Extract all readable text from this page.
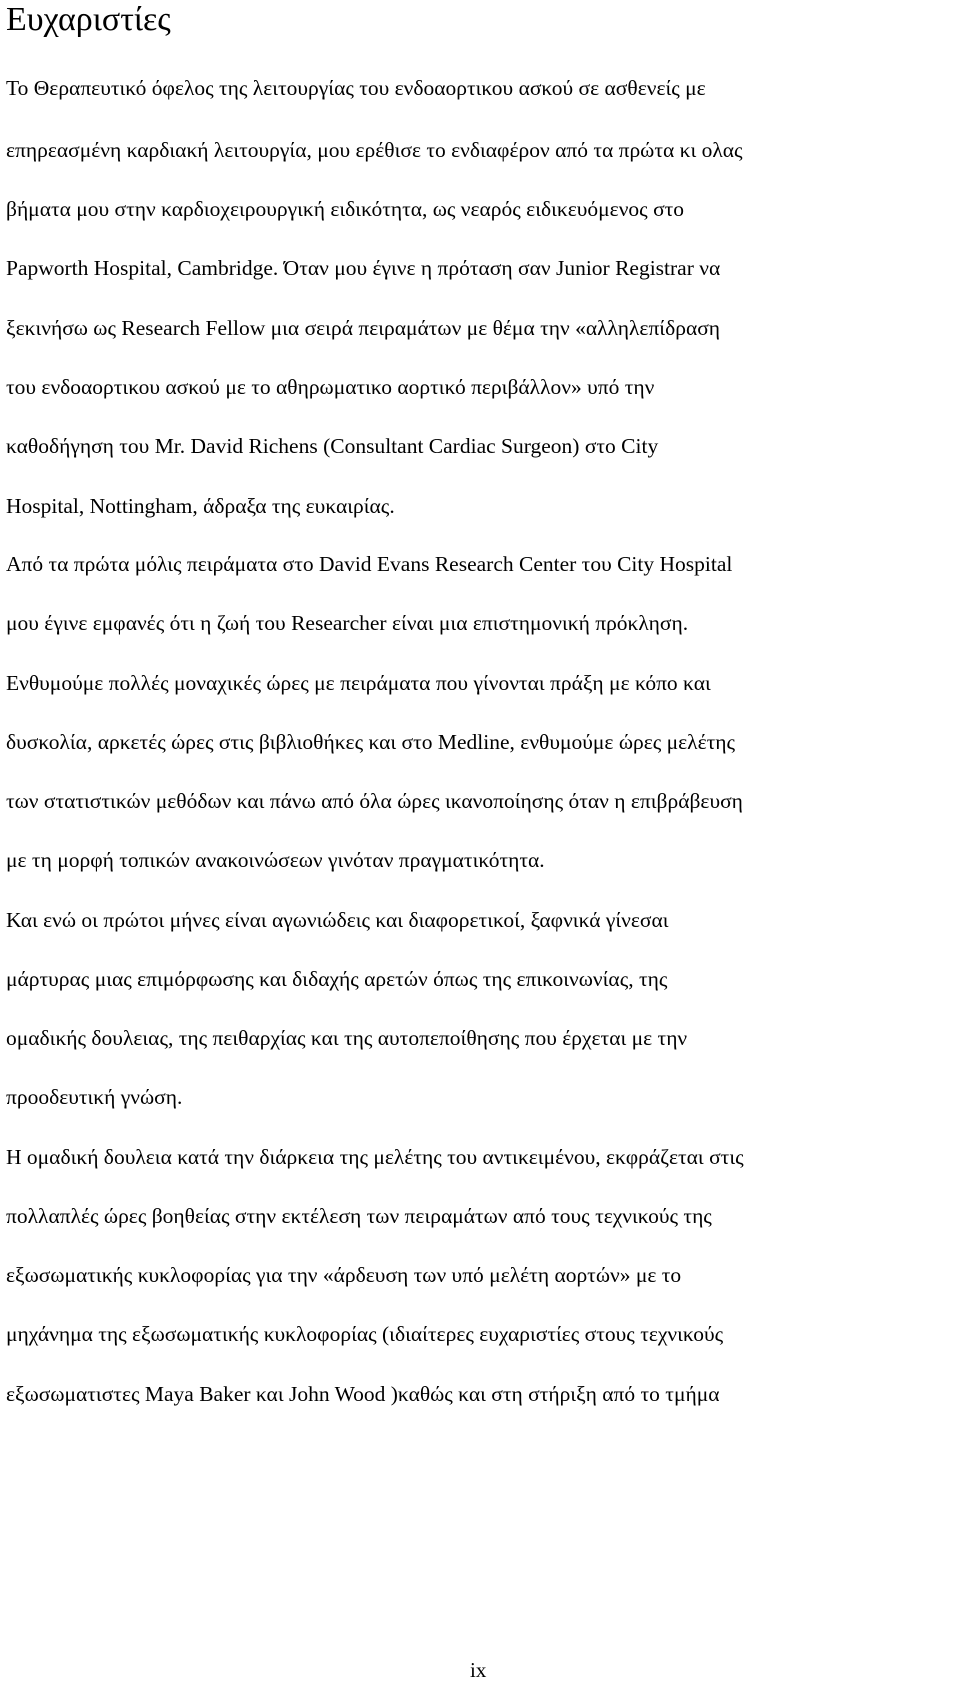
Ευχαριστίες
Το Θεραπευτικό όφελος της λειτουργίας του ενδοαορτικου ασκού σε ασθενείς με
επηρεασμένη καρδιακή λειτουργία, μου ερέθισε το ενδιαφέρον από τα πρώτα κι ολας
βήματα μου στην καρδιοχειρουργική ειδικότητα, ως νεαρός ειδικευόμενος στο
Papworth Hospital, Cambridge. Όταν μου έγινε η πρόταση σαν Junior Registrar να
ξεκινήσω ως Research Fellow μια σειρά πειραμάτων με θέμα την «αλληλεπίδραση
του ενδοαορτικου ασκού με το αθηρωματικο αορτικό περιβάλλον» υπό την
καθοδήγηση του Mr. David Richens (Consultant Cardiac Surgeon) στο City
Hospital, Nottingham, άδραξα της ευκαιρίας.
Από τα πρώτα μόλις πειράματα στο David Evans Research Center του City Hospital
μου έγινε εμφανές ότι η ζωή του Researcher είναι μια επιστημονική πρόκληση.
Ενθυμούμε πολλές μοναχικές ώρες με πειράματα που γίνονται πράξη με κόπο και
δυσκολία, αρκετές ώρες στις βιβλιοθήκες και στο Medline, ενθυμούμε ώρες μελέτης
των στατιστικών μεθόδων και πάνω από όλα ώρες ικανοποίησης όταν η επιβράβευση
με τη μορφή τοπικών ανακοινώσεων γινόταν πραγματικότητα.
Και ενώ οι πρώτοι μήνες είναι αγωνιώδεις και διαφορετικοί, ξαφνικά γίνεσαι
μάρτυρας μιας επιμόρφωσης και διδαχής αρετών όπως της επικοινωνίας, της
ομαδικής δουλειας, της πειθαρχίας και της αυτοπεποίθησης που έρχεται με την
προοδευτική γνώση.
Η ομαδική δουλεια κατά την διάρκεια της μελέτης του αντικειμένου, εκφράζεται στις
πολλαπλές ώρες βοηθείας στην εκτέλεση των πειραμάτων από τους τεχνικούς της
εξωσωματικής κυκλοφορίας για την «άρδευση των υπό μελέτη αορτών» με το
μηχάνημα της εξωσωματικής κυκλοφορίας (ιδιαίτερες ευχαριστίες στους τεχνικούς
εξωσωματιστες Maya Baker και John Wood )καθώς και στη στήριξη από το τμήμα
ix
